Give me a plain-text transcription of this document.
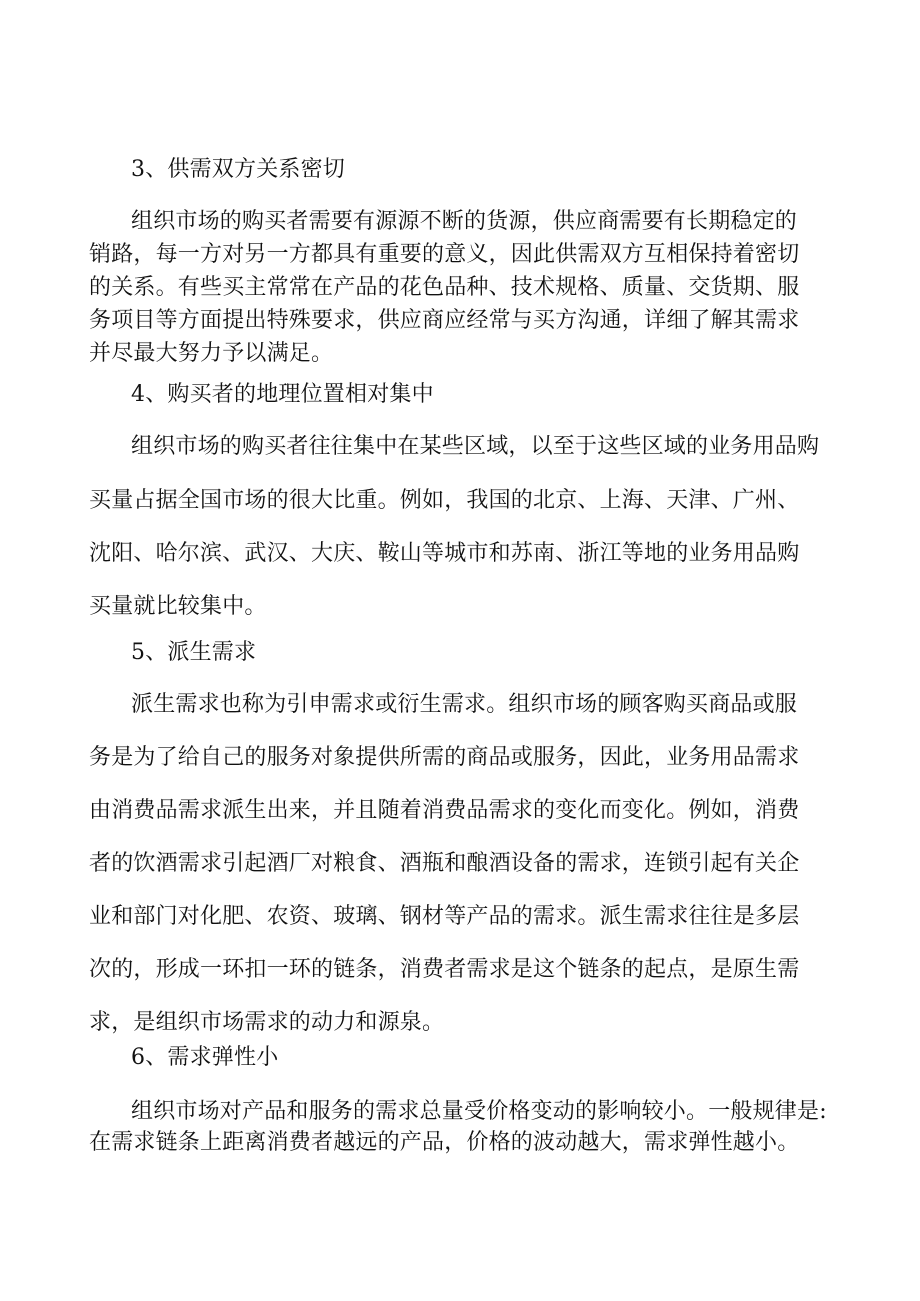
3、供需双方关系密切
组织市场的购买者需要有源源不断的货源，供应商需要有长期稳定的
销路，每一方对另一方都具有重要的意义，因此供需双方互相保持着密切
的关系。有些买主常常在产品的花色品种、技术规格、质量、交货期、服
务项目等方面提出特殊要求，供应商应经常与买方沟通，详细了解其需求
并尽最大努力予以满足。
4、购买者的地理位置相对集中
组织市场的购买者往往集中在某些区域，以至于这些区域的业务用品购
买量占据全国市场的很大比重。例如，我国的北京、上海、天津、广州、
沈阳、哈尔滨、武汉、大庆、鞍山等城市和苏南、浙江等地的业务用品购
买量就比较集中。
5、派生需求
派生需求也称为引申需求或衍生需求。组织市场的顾客购买商品或服
务是为了给自己的服务对象提供所需的商品或服务，因此，业务用品需求
由消费品需求派生出来，并且随着消费品需求的变化而变化。例如，消费
者的饮酒需求引起酒厂对粮食、酒瓶和酿酒设备的需求，连锁引起有关企
业和部门对化肥、农资、玻璃、钢材等产品的需求。派生需求往往是多层
次的，形成一环扣一环的链条，消费者需求是这个链条的起点，是原生需
求，是组织市场需求的动力和源泉。
6、需求弹性小
组织市场对产品和服务的需求总量受价格变动的影响较小。一般规律是:
在需求链条上距离消费者越远的产品，价格的波动越大，需求弹性越小。
